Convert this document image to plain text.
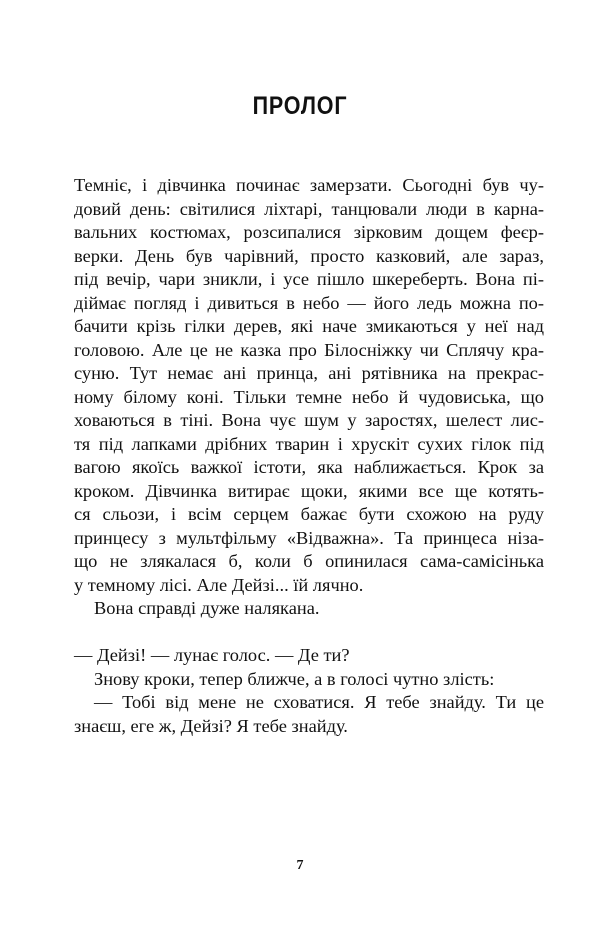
ПРОЛОГ
Темніє, і дівчинка починає замерзати. Сьогодні був чу-
довий день: світилися ліхтарі, танцювали люди в карна-
вальних костюмах, розсипалися зірковим дощем феєр-
верки. День був чарівний, просто казковий, але зараз,
під вечір, чари зникли, і усе пішло шкереберть. Вона пі-
діймає погляд і дивиться в небо — його ледь можна по-
бачити крізь гілки дерев, які наче змикаються у неї над
головою. Але це не казка про Білосніжку чи Сплячу кра-
суню. Тут немає ані принца, ані рятівника на прекрас-
ному білому коні. Тільки темне небо й чудовиська, що
ховаються в тіні. Вона чує шум у заростях, шелест лис-
тя під лапками дрібних тварин і хрускіт сухих гілок під
вагою якоїсь важкої істоти, яка наближається. Крок за
кроком. Дівчинка витирає щоки, якими все ще котять-
ся сльози, і всім серцем бажає бути схожою на руду
принцесу з мультфільму «Відважна». Та принцеса нізa-
що не злякалася б, коли б опинилася сама-самісінька
у темному лісі. Але Дейзі... їй лячно.
Вона справді дуже налякана.
— Дейзі! — лунає голос. — Де ти?
Знову кроки, тепер ближче, а в голосі чутно злість:
— Тобі від мене не сховатися. Я тебе знайду. Ти це
знаєш, еге ж, Дейзі? Я тебе знайду.
7
